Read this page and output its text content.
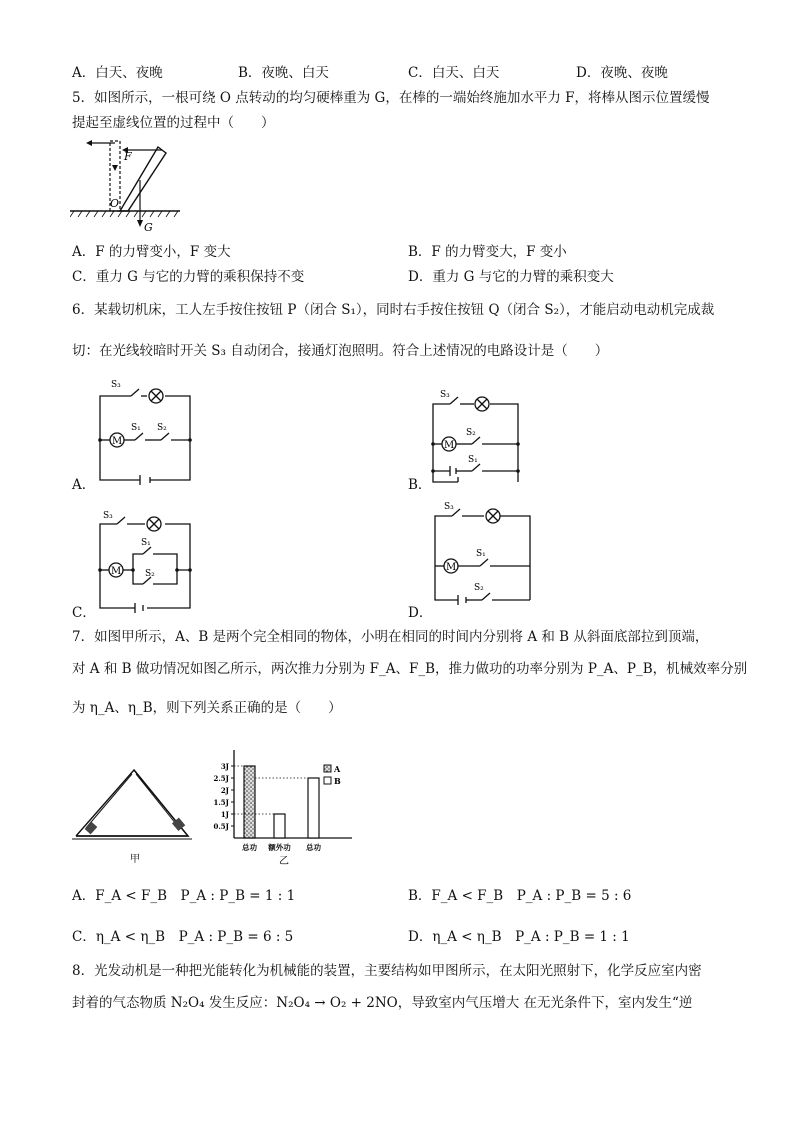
A．白天、夜晚	B．夜晚、白天	C．白天、白天	D．夜晚、夜晚
5．如图所示，一根可绕 O 点转动的均匀硬棒重为 G，在棒的一端始终施加水平力 F，将棒从图示位置缓慢
提起至虚线位置的过程中（　　）
F
O
G
A．F 的力臂变小，F 变大	B．F 的力臂变大，F 变小
C．重力 G 与它的力臂的乘积保持不变	D．重力 G 与它的力臂的乘积变大
6．某载切机床，工人左手按住按钮 P（闭合 S₁），同时右手按住按钮 Q（闭合 S₂），才能启动电动机完成裁
切：在光线较暗时开关 S₃ 自动闭合，接通灯泡照明。符合上述情况的电路设计是（　　）
M
S₃
S₁ S₂
A．
M
S₃
S₂
S₁
B．
M
S₃
S₁
S₂
C．
M
S₃
S₁
S₂
D．
7．如图甲所示，A、B 是两个完全相同的物体，小明在相同的时间内分别将 A 和 B 从斜面底部拉到顶端，
对 A 和 B 做功情况如图乙所示，两次推力分别为 F_A、F_B，推力做功的功率分别为 P_A、P_B，机械效率分别
为 η_A、η_B，则下列关系正确的是（　　）
甲
3J
2.5J
2J
1.5J
1J
0.5J
总功 额外功 总功
A
B
乙
A．F_A < F_B　P_A : P_B = 1 : 1	B．F_A < F_B　P_A : P_B = 5 : 6
C．η_A < η_B　P_A : P_B = 6 : 5	D．η_A < η_B　P_A : P_B = 1 : 1
8．光发动机是一种把光能转化为机械能的装置，主要结构如甲图所示，在太阳光照射下，化学反应室内密
封着的气态物质 N₂O₄ 发生反应：N₂O₄ → O₂ + 2NO，导致室内气压增大 在无光条件下，室内发生“逆
